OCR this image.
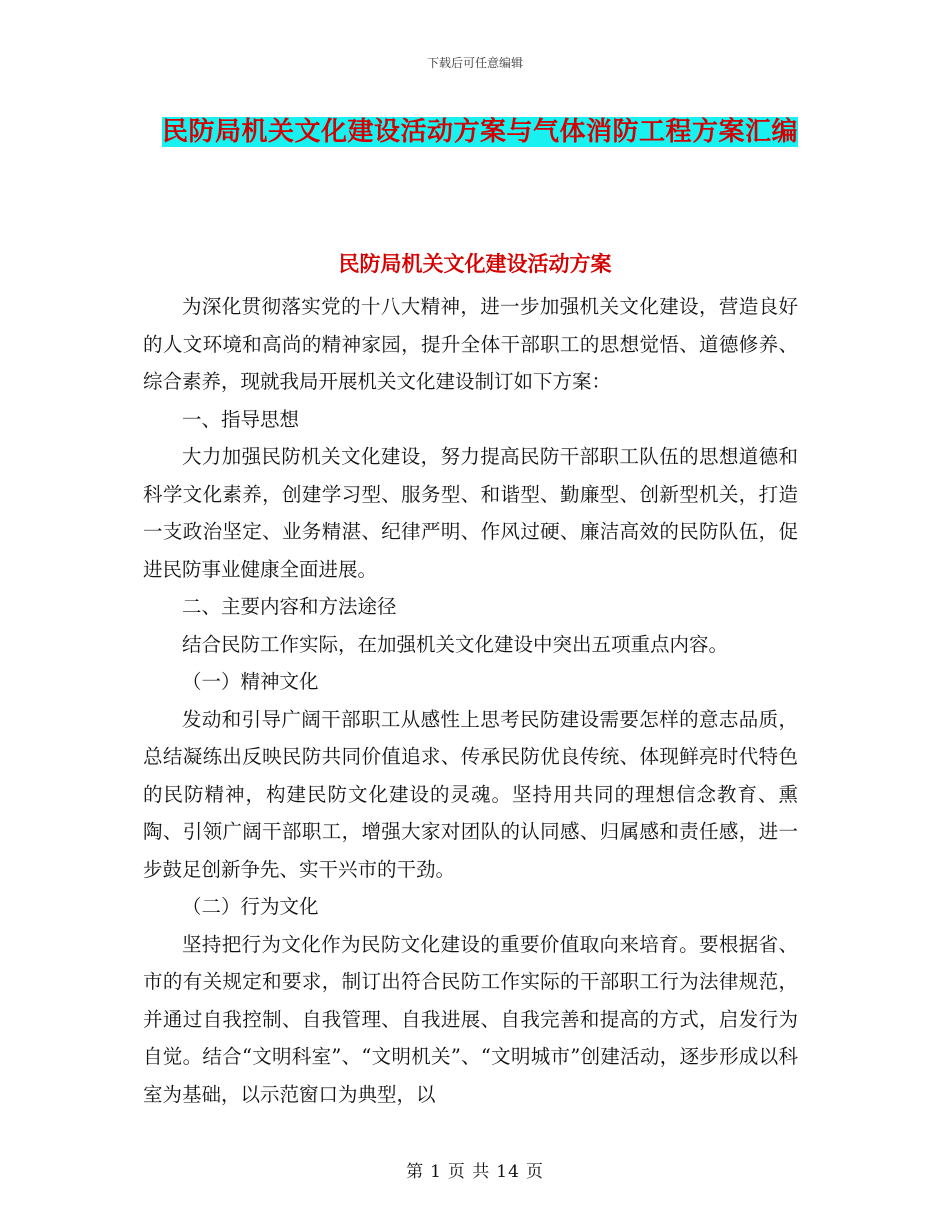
下载后可任意编辑
民防局机关文化建设活动方案与气体消防工程方案汇编
民防局机关文化建设活动方案

为深化贯彻落实党的十八大精神，进一步加强机关文化建设，营造良好的人文环境和高尚的精神家园，提升全体干部职工的思想觉悟、道德修养、综合素养，现就我局开展机关文化建设制订如下方案：

一、指导思想

大力加强民防机关文化建设，努力提高民防干部职工队伍的思想道德和科学文化素养，创建学习型、服务型、和谐型、勤廉型、创新型机关，打造一支政治坚定、业务精湛、纪律严明、作风过硬、廉洁高效的民防队伍，促进民防事业健康全面进展。

二、主要内容和方法途径

结合民防工作实际，在加强机关文化建设中突出五项重点内容。

（一）精神文化

发动和引导广阔干部职工从感性上思考民防建设需要怎样的意志品质，总结凝练出反映民防共同价值追求、传承民防优良传统、体现鲜亮时代特色的民防精神，构建民防文化建设的灵魂。坚持用共同的理想信念教育、熏陶、引领广阔干部职工，增强大家对团队的认同感、归属感和责任感，进一步鼓足创新争先、实干兴市的干劲。

（二）行为文化

坚持把行为文化作为民防文化建设的重要价值取向来培育。要根据省、市的有关规定和要求，制订出符合民防工作实际的干部职工行为法律规范，并通过自我控制、自我管理、自我进展、自我完善和提高的方式，启发行为自觉。结合“文明科室”、“文明机关”、“文明城市”创建活动，逐步形成以科室为基础，以示范窗口为典型，以

第 1 页 共 14 页
